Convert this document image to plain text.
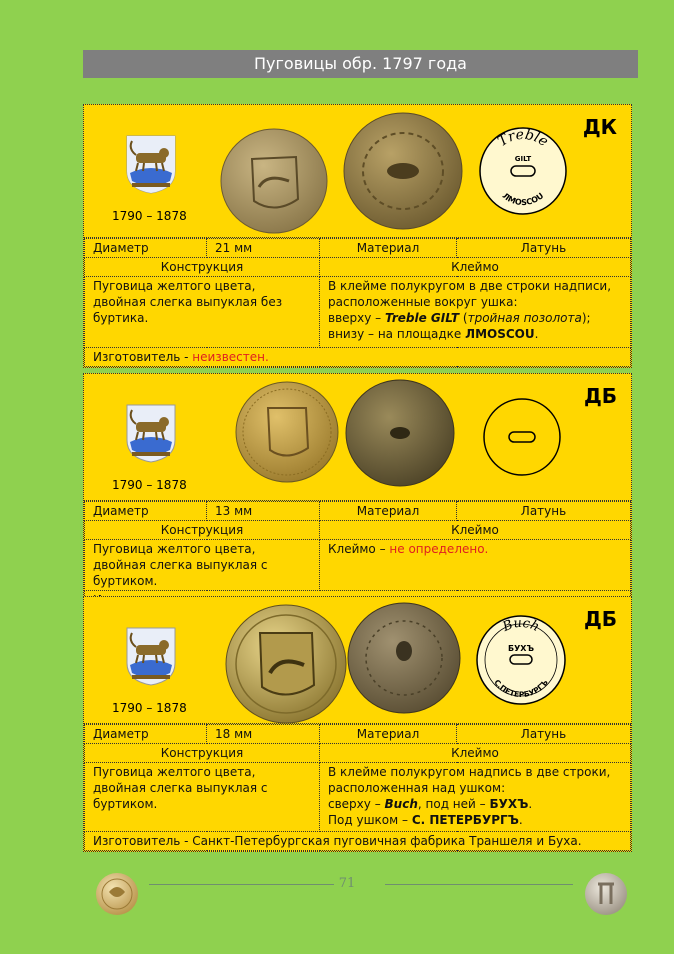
Пуговицы обр. 1797 года
ДК
1790 – 1878
Treble
GILT
ЛMOSCOU
Диаметр	21 мм	Материал	Латунь
Конструкция		Клеймо	
Пуговица желтого цвета, двойная слегка выпуклая без буртика.		В клейме полукругом в две строки надписи, расположенные вокруг ушка:
вверху – Treble GILT (тройная позолота);
внизу – на площадке ЛMOSCOU.	
Изготовитель - неизвестен.			
ДБ
1790 – 1878
Диаметр	13 мм	Материал	Латунь
Конструкция		Клеймо	
Пуговица желтого цвета, двойная слегка выпуклая с буртиком.		Клеймо – не определено.	

ДБ
1790 – 1878
Buch
БУХЪ
С.ПЕТЕРБУРГЪ
Диаметр	18 мм	Материал	Латунь
Конструкция		Клеймо	
Пуговица желтого цвета, двойная слегка выпуклая с буртиком.		В клейме полукругом надпись в две строки, расположенная над ушком:
сверху – Buch, под ней – БУХЪ.
Под ушком – С. ПЕТЕРБУРГЪ.	
Изготовитель - Санкт-Петербургская пуговичная фабрика Траншеля и Буха.			
71
